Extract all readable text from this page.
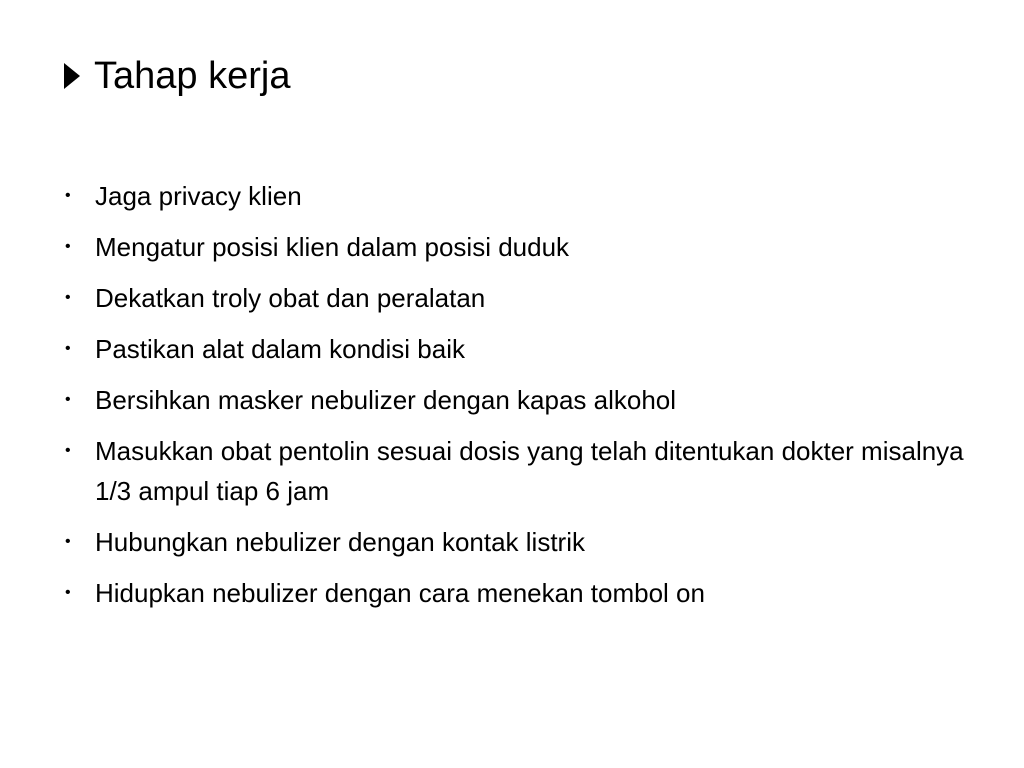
Tahap kerja
• Jaga privacy klien
• Mengatur posisi klien dalam posisi duduk
• Dekatkan troly obat dan peralatan
• Pastikan alat dalam kondisi baik
• Bersihkan masker nebulizer dengan kapas alkohol
• Masukkan obat pentolin sesuai dosis yang telah ditentukan dokter misalnya 1/3 ampul tiap 6 jam
• Hubungkan nebulizer dengan kontak listrik
• Hidupkan nebulizer dengan cara menekan tombol on
